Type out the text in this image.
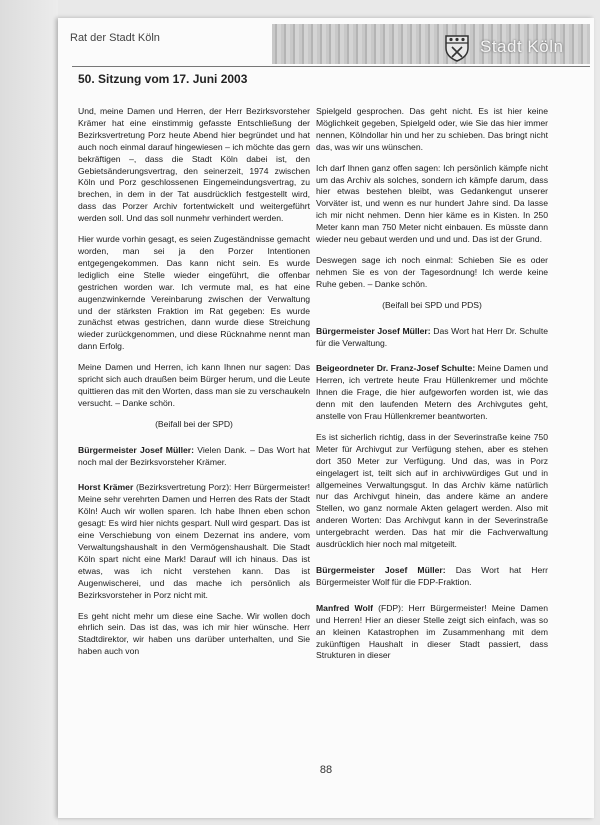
Stadt Köln
Rat der Stadt Köln
50. Sitzung vom 17. Juni 2003

Und, meine Damen und Herren, der Herr Bezirksvorsteher Krämer hat eine einstimmig gefasste Entschließung der Bezirksvertretung Porz heute Abend hier begründet und hat auch noch einmal darauf hingewiesen – ich möchte das gern bekräftigen –, dass die Stadt Köln dabei ist, den Gebietsänderungsvertrag, den seinerzeit, 1974 zwischen Köln und Porz geschlossenen Eingemeindungsvertrag, zu brechen, in dem in der Tat ausdrücklich festgestellt wird, dass das Porzer Archiv fortentwickelt und weitergeführt werden soll. Und das soll nunmehr verhindert werden.

Hier wurde vorhin gesagt, es seien Zugeständnisse gemacht worden, man sei ja den Porzer Intentionen entgegengekommen. Das kann nicht sein. Es wurde lediglich eine Stelle wieder eingeführt, die offenbar gestrichen worden war. Ich vermute mal, es hat eine augenzwinkernde Vereinbarung zwischen der Verwaltung und der stärksten Fraktion im Rat gegeben: Es wurde zunächst etwas gestrichen, dann wurde diese Streichung wieder zurückgenommen, und diese Rücknahme nennt man dann Erfolg.

Meine Damen und Herren, ich kann Ihnen nur sagen: Das spricht sich auch draußen beim Bürger herum, und die Leute quittieren das mit den Worten, dass man sie zu verschaukeln versucht. – Danke schön.

(Beifall bei der SPD)

Bürgermeister Josef Müller: Vielen Dank. – Das Wort hat noch mal der Bezirksvorsteher Krämer.

Horst Krämer (Bezirksvertretung Porz): Herr Bürgermeister! Meine sehr verehrten Damen und Herren des Rats der Stadt Köln! Auch wir wollen sparen. Ich habe Ihnen eben schon gesagt: Es wird hier nichts gespart. Null wird gespart. Das ist eine Verschiebung von einem Dezernat ins andere, vom Verwaltungshaushalt in den Vermögenshaushalt. Die Stadt Köln spart nicht eine Mark! Darauf will ich hinaus. Das ist etwas, was ich nicht verstehen kann. Das ist Augenwischerei, und das mache ich persönlich als Bezirksvorsteher in Porz nicht mit.

Es geht nicht mehr um diese eine Sache. Wir wollen doch ehrlich sein. Das ist das, was ich mir hier wünsche. Herr Stadtdirektor, wir haben uns darüber unterhalten, und Sie haben auch von

Spielgeld gesprochen. Das geht nicht. Es ist hier keine Möglichkeit gegeben, Spielgeld oder, wie Sie das hier immer nennen, Kölndollar hin und her zu schieben. Das bringt nicht das, was wir uns wünschen.

Ich darf Ihnen ganz offen sagen: Ich persönlich kämpfe nicht um das Archiv als solches, sondern ich kämpfe darum, dass hier etwas bestehen bleibt, was Gedankengut unserer Vorväter ist, und wenn es nur hundert Jahre sind. Da lasse ich mir nicht nehmen. Denn hier käme es in Kisten. In 250 Meter kann man 750 Meter nicht einbauen. Es müsste dann wieder neu gebaut werden und und und. Das ist der Grund.

Deswegen sage ich noch einmal: Schieben Sie es oder nehmen Sie es von der Tagesordnung! Ich werde keine Ruhe geben. – Danke schön.

(Beifall bei SPD und PDS)

Bürgermeister Josef Müller: Das Wort hat Herr Dr. Schulte für die Verwaltung.

Beigeordneter Dr. Franz-Josef Schulte: Meine Damen und Herren, ich vertrete heute Frau Hüllenkremer und möchte Ihnen die Frage, die hier aufgeworfen worden ist, wie das denn mit den laufenden Metern des Archivgutes geht, anstelle von Frau Hüllenkremer beantworten.

Es ist sicherlich richtig, dass in der Severinstraße keine 750 Meter für Archivgut zur Verfügung stehen, aber es stehen dort 350 Meter zur Verfügung. Und das, was in Porz eingelagert ist, teilt sich auf in archivwürdiges Gut und in allgemeines Verwaltungsgut. In das Archiv käme natürlich nur das Archivgut hinein, das andere käme an andere Stellen, wo ganz normale Akten gelagert werden. Also mit anderen Worten: Das Archivgut kann in der Severinstraße untergebracht werden. Das hat mir die Fachverwaltung ausdrücklich hier noch mal mitgeteilt.

Bürgermeister Josef Müller: Das Wort hat Herr Bürgermeister Wolf für die FDP-Fraktion.

Manfred Wolf (FDP): Herr Bürgermeister! Meine Damen und Herren! Hier an dieser Stelle zeigt sich einfach, was so an kleinen Katastrophen im Zusammenhang mit dem zukünftigen Haushalt in dieser Stadt passiert, dass Strukturen in dieser

88
